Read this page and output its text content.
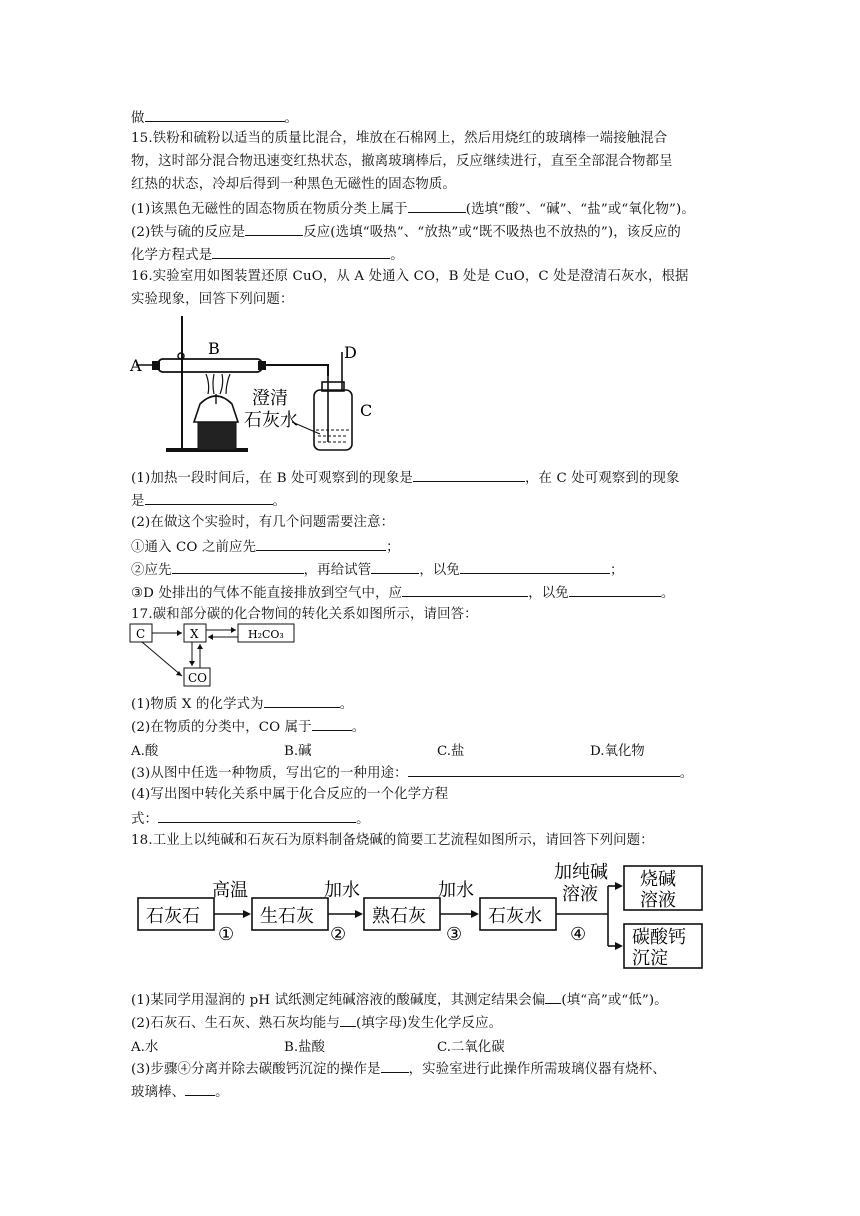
做	。
15.铁粉和硫粉以适当的质量比混合，堆放在石棉网上，然后用烧红的玻璃棒一端接触混合
物，这时部分混合物迅速变红热状态，撤离玻璃棒后，反应继续进行，直至全部混合物都呈
红热的状态，冷却后得到一种黑色无磁性的固态物质。
(1)该黑色无磁性的固态物质在物质分类上属于	(选填“酸”、“碱”、“盐”或“氧化物”)。
(2)铁与硫的反应是	反应(选填“吸热”、“放热”或“既不吸热也不放热的”)，该反应的
化学方程式是	。
16.实验室用如图装置还原 CuO，从 A 处通入 CO，B 处是 CuO，C 处是澄清石灰水，根据
实验现象，回答下列问题：
A
B	D
C
澄清
石灰水
(1)加热一段时间后，在 B 处可观察到的现象是	，在 C 处可观察到的现象
是	。
(2)在做这个实验时，有几个问题需要注意：
①通入 CO 之前应先	；
②应先	，再给试管	，以免	；
③D 处排出的气体不能直接排放到空气中，应	，以免	。
17.碳和部分碳的化合物间的转化关系如图所示，请回答：
C	X	H₂CO₃
CO
(1)物质 X 的化学式为	。
(2)在物质的分类中，CO 属于	。
A.酸	B.碱	C.盐	D.氧化物
(3)从图中任选一种物质，写出它的一种用途：	。
(4)写出图中转化关系中属于化合反应的一个化学方程
式：	。
18.工业上以纯碱和石灰石为原料制备烧碱的简要工艺流程如图所示，请回答下列问题：
石灰石	生石灰	熟石灰	石灰水
烧碱
溶液
碳酸钙
沉淀
高温	加水	加水
加纯碱
溶液
①	②	③	④
(1)某同学用湿润的 pH 试纸测定纯碱溶液的酸碱度，其测定结果会偏 (填“高”或“低”)。
(2)石灰石、生石灰、熟石灰均能与 (填字母)发生化学反应。
A.水	B.盐酸	C.二氧化碳
(3)步骤④分离并除去碳酸钙沉淀的操作是 ，实验室进行此操作所需玻璃仪器有烧杯、
玻璃棒、 。
